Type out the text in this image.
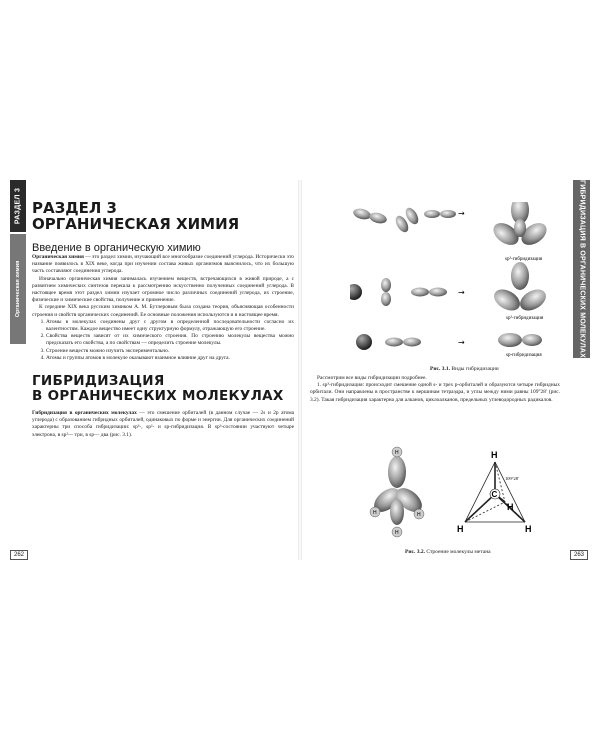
РАЗДЕЛ 3
Органическая химия
РАЗДЕЛ 3
ОРГАНИЧЕСКАЯ ХИМИЯ
Введение в органическую химию

Органическая химия — это раздел химии, изучающий все многообразие соединений углерода. Исторически это название появилось в XIX веке, когда при изучении состава живых организмов выяснилось, что их большую часть составляют соединения углерода.

Изначально органическая химия занималась изучением веществ, встречающихся в живой природе, а с развитием химических синтезов перешла к рассмотрению искусственно полученных соединений углерода. В настоящее время этот раздел химии изучает огромное число различных соединений углерода, их строение, физические и химические свойства, получение и применение.

К середине XIX века русским химиком А. М. Бутлеровым была создана теория, объясняющая особенности строения и свойств органических соединений. Ее основные положения используются и в настоящее время.

1. Атомы в молекулах соединены друг с другом в определенной последовательности согласно их валентностям. Каждое вещество имеет одну структурную формулу, отражающую его строение.
2. Свойства веществ зависят от их химического строения. По строению молекулы вещества можно предсказать его свойства, а по свойствам — определить строение молекулы.
3. Строение веществ можно изучить экспериментально.
4. Атомы и группы атомов в молекуле оказывают взаимное влияние друг на друга.
ГИБРИДИЗАЦИЯ
В ОРГАНИЧЕСКИХ МОЛЕКУЛАХ

Гибридизация в органических молекулах — это смешение орбиталей (в данном случае — 2s и 2p атома углерода) с образованием гибридных орбиталей, одинаковых по форме и энергии. Для органических соединений характерны три способа гибридизации: sp³-, sp²- и sp-гибридизация. В sp³-состоянии участвуют четыре электрона, в sp²— три, в sp— два (рис. 3.1).

262
ГИБРИДИЗАЦИЯ В ОРГАНИЧЕСКИХ МОЛЕКУЛАХ
→
sp³-гибридизация
→
sp²-гибридизация
→
sp-гибридизация
Рис. 3.1. Виды гибридизации

Рассмотрим все виды гибридизации подробнее.

1. sp³-гибридизация: происходит смешение одной s- и трех p-орбиталей и образуются четыре гибридных орбитали. Они направлены в пространстве к вершинам тетраэдра, и углы между ними равны 109°28′ (рис. 3.2). Такая гибридизация характерна для алканов, циклоалканов, предельных углеводородных радикалов.

H
H	H
H
C
H
H	H
H
109°28′
Рис. 3.2. Строение молекулы метана	263
